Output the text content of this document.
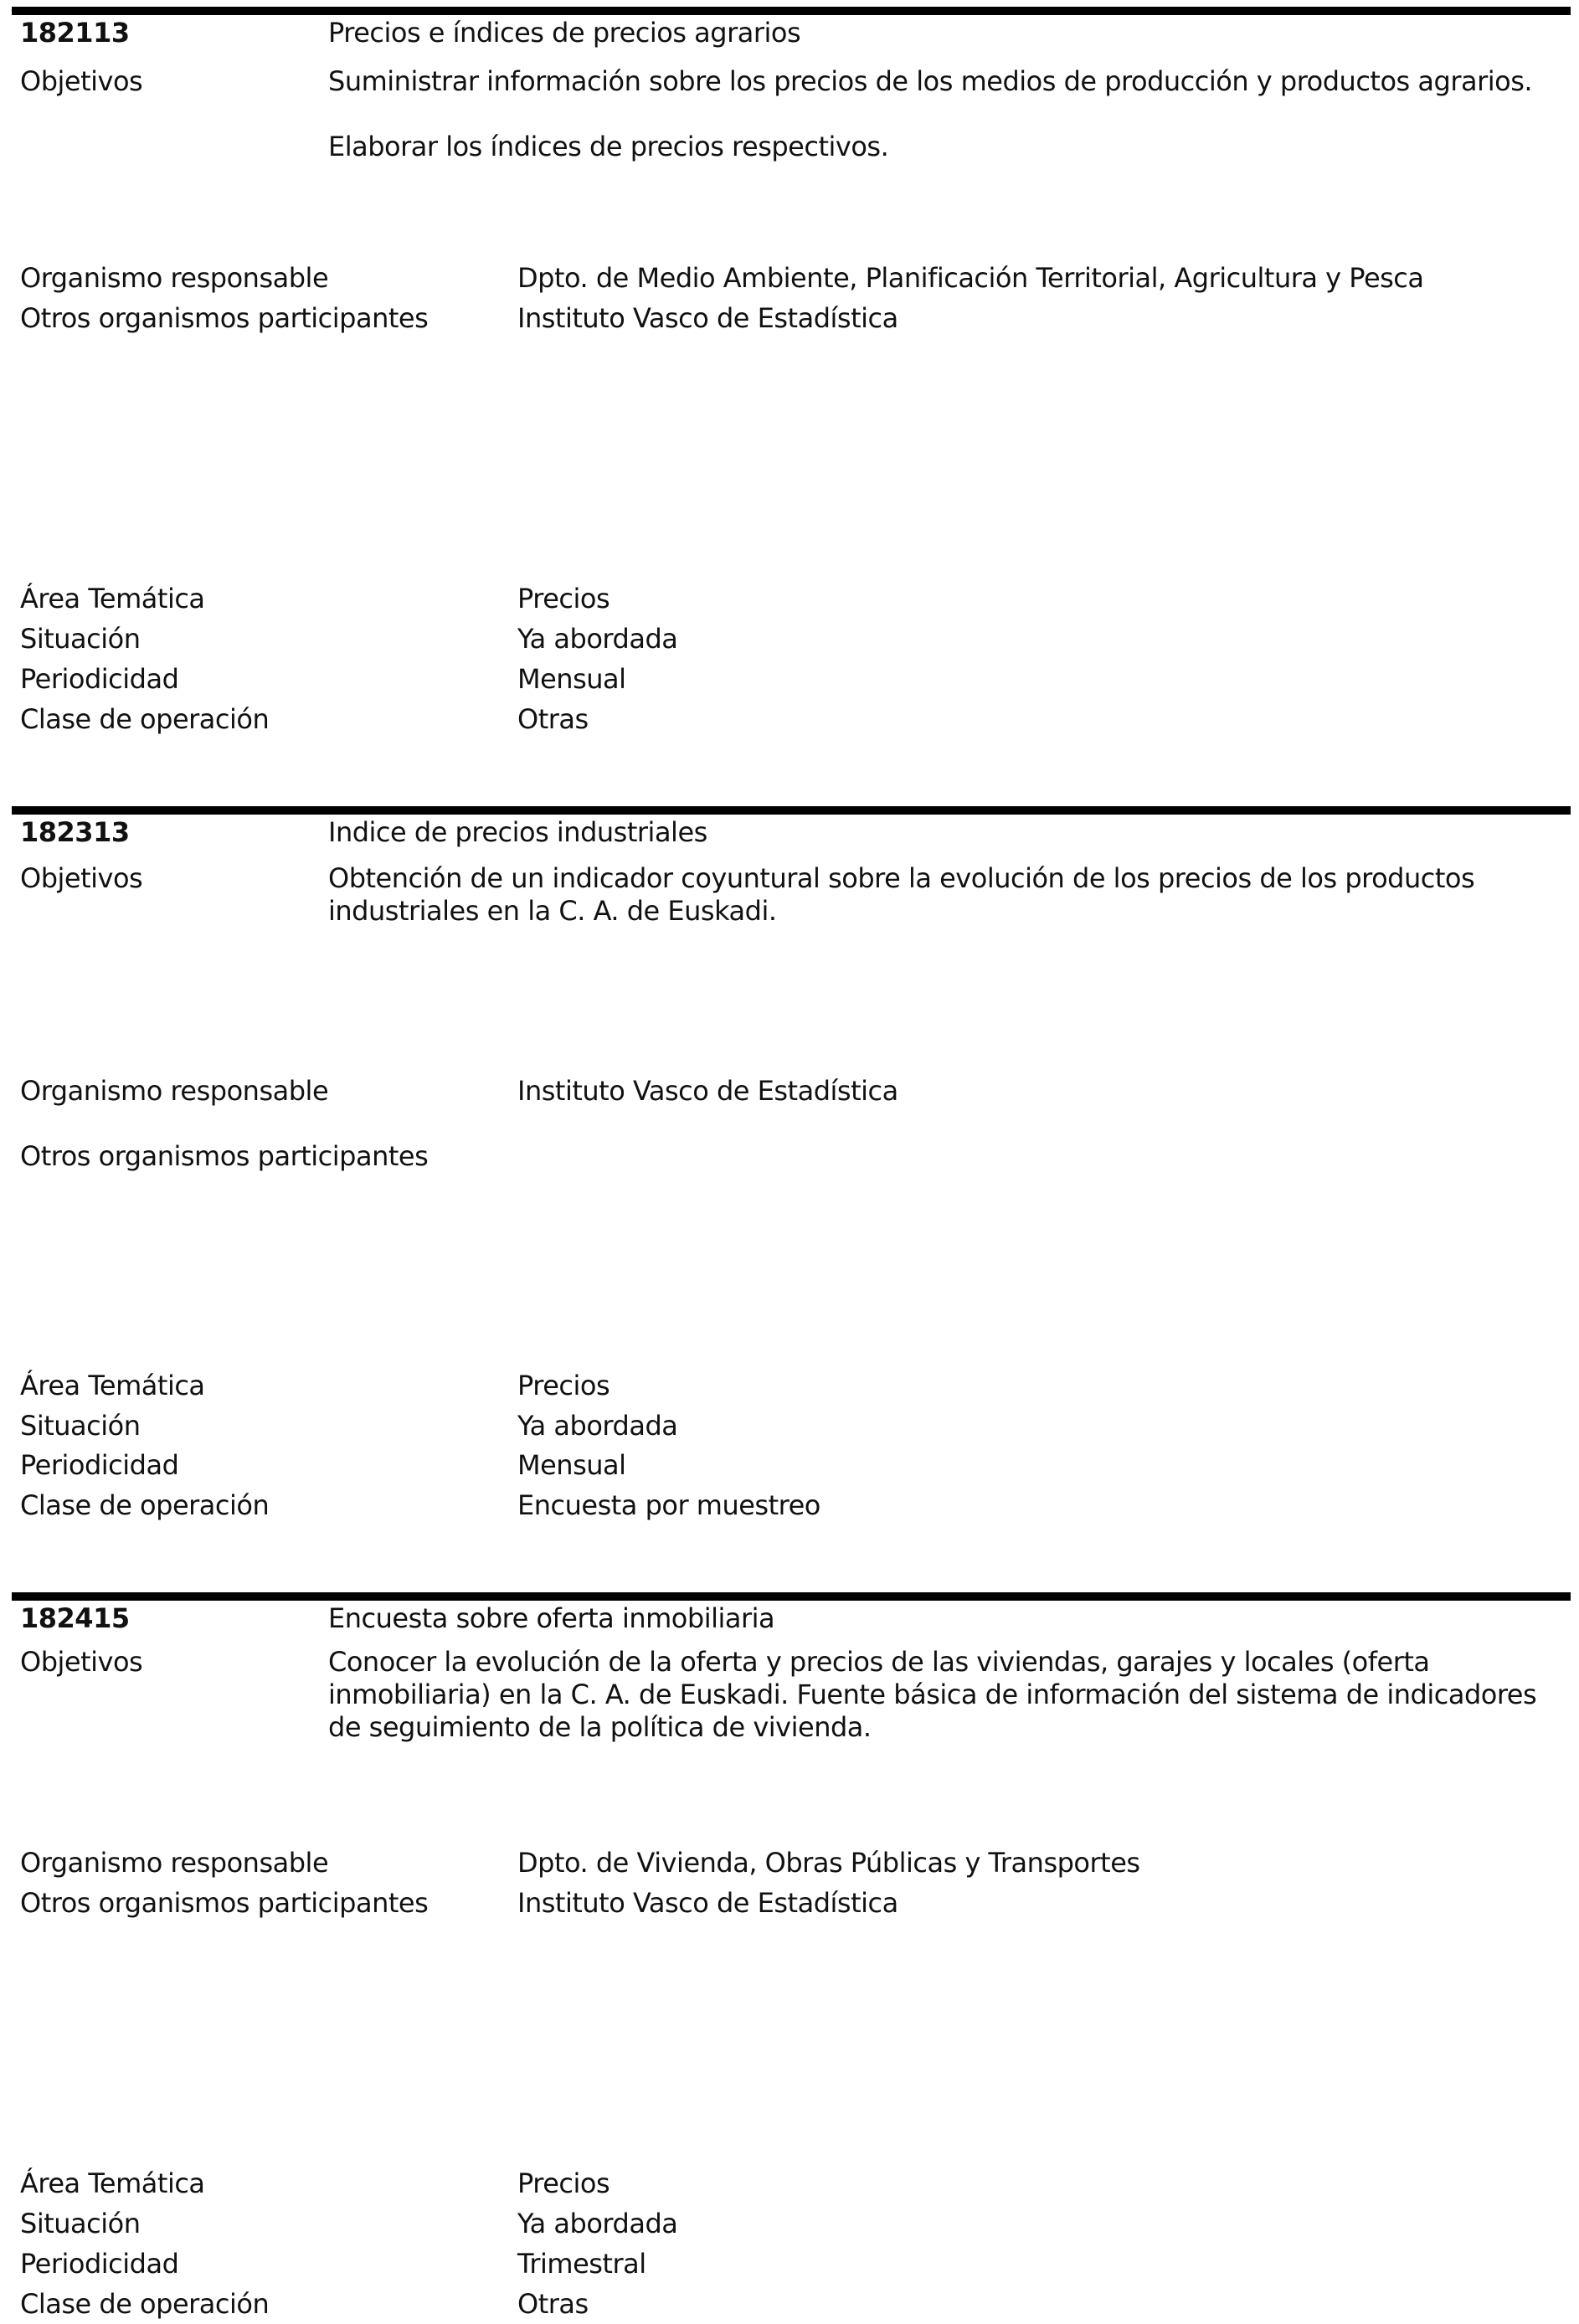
182113	Precios e índices de precios agrarios
Objetivos	Suministrar información sobre los precios de los medios de producción y productos agrarios.
Elaborar los índices de precios respectivos.
Organismo responsable	Dpto. de Medio Ambiente, Planificación Territorial, Agricultura y Pesca
Otros organismos participantes	Instituto Vasco de Estadística
Área Temática	Precios
Situación	Ya abordada
Periodicidad	Mensual
Clase de operación	Otras
182313	Indice de precios industriales
Objetivos	Obtención de un indicador coyuntural sobre la evolución de los precios de los productos industriales en la C. A. de Euskadi.
Organismo responsable	Instituto Vasco de Estadística
Otros organismos participantes
Área Temática	Precios
Situación	Ya abordada
Periodicidad	Mensual
Clase de operación	Encuesta por muestreo
182415	Encuesta sobre oferta inmobiliaria
Objetivos	Conocer la evolución de la oferta y precios de las viviendas, garajes y locales (oferta inmobiliaria) en la C. A. de Euskadi. Fuente básica de información del sistema de indicadores de seguimiento de la política de vivienda.
Organismo responsable	Dpto. de Vivienda, Obras Públicas y Transportes
Otros organismos participantes	Instituto Vasco de Estadística
Área Temática	Precios
Situación	Ya abordada
Periodicidad	Trimestral
Clase de operación	Otras
